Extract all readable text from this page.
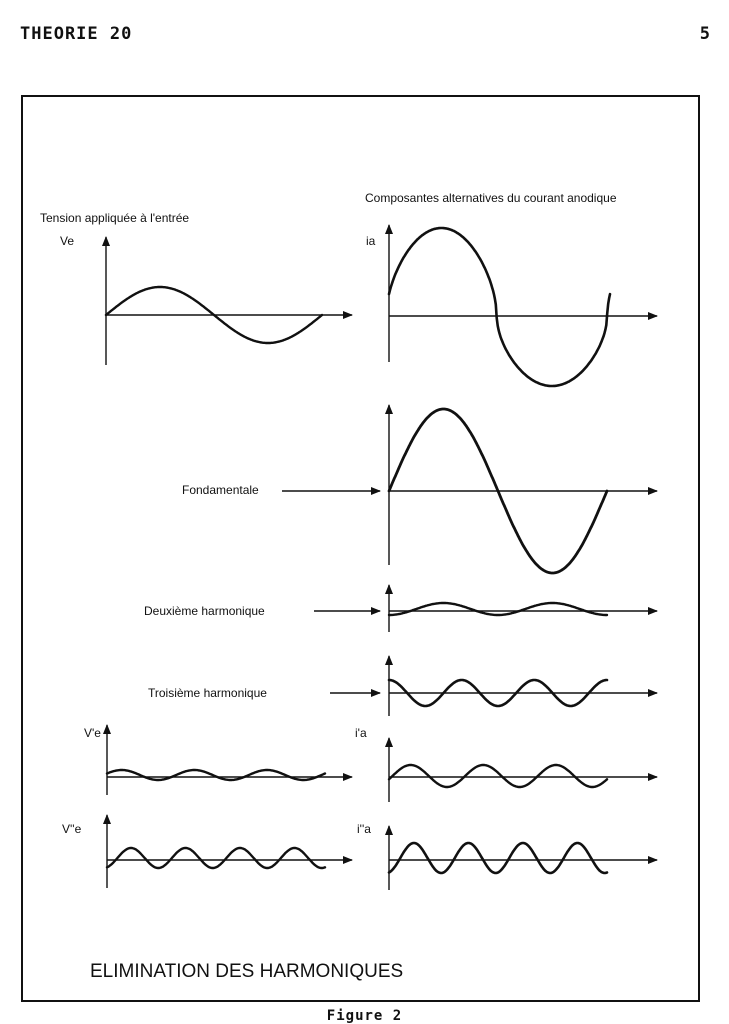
THEORIE 20	5
Tension appliquée à l'entrée
Composantes alternatives du courant anodique
Ve	ia
Fondamentale
Deuxième harmonique
Troisième harmonique
V'e	i'a
V''e	i''a
ELIMINATION DES HARMONIQUES
Figure 2
